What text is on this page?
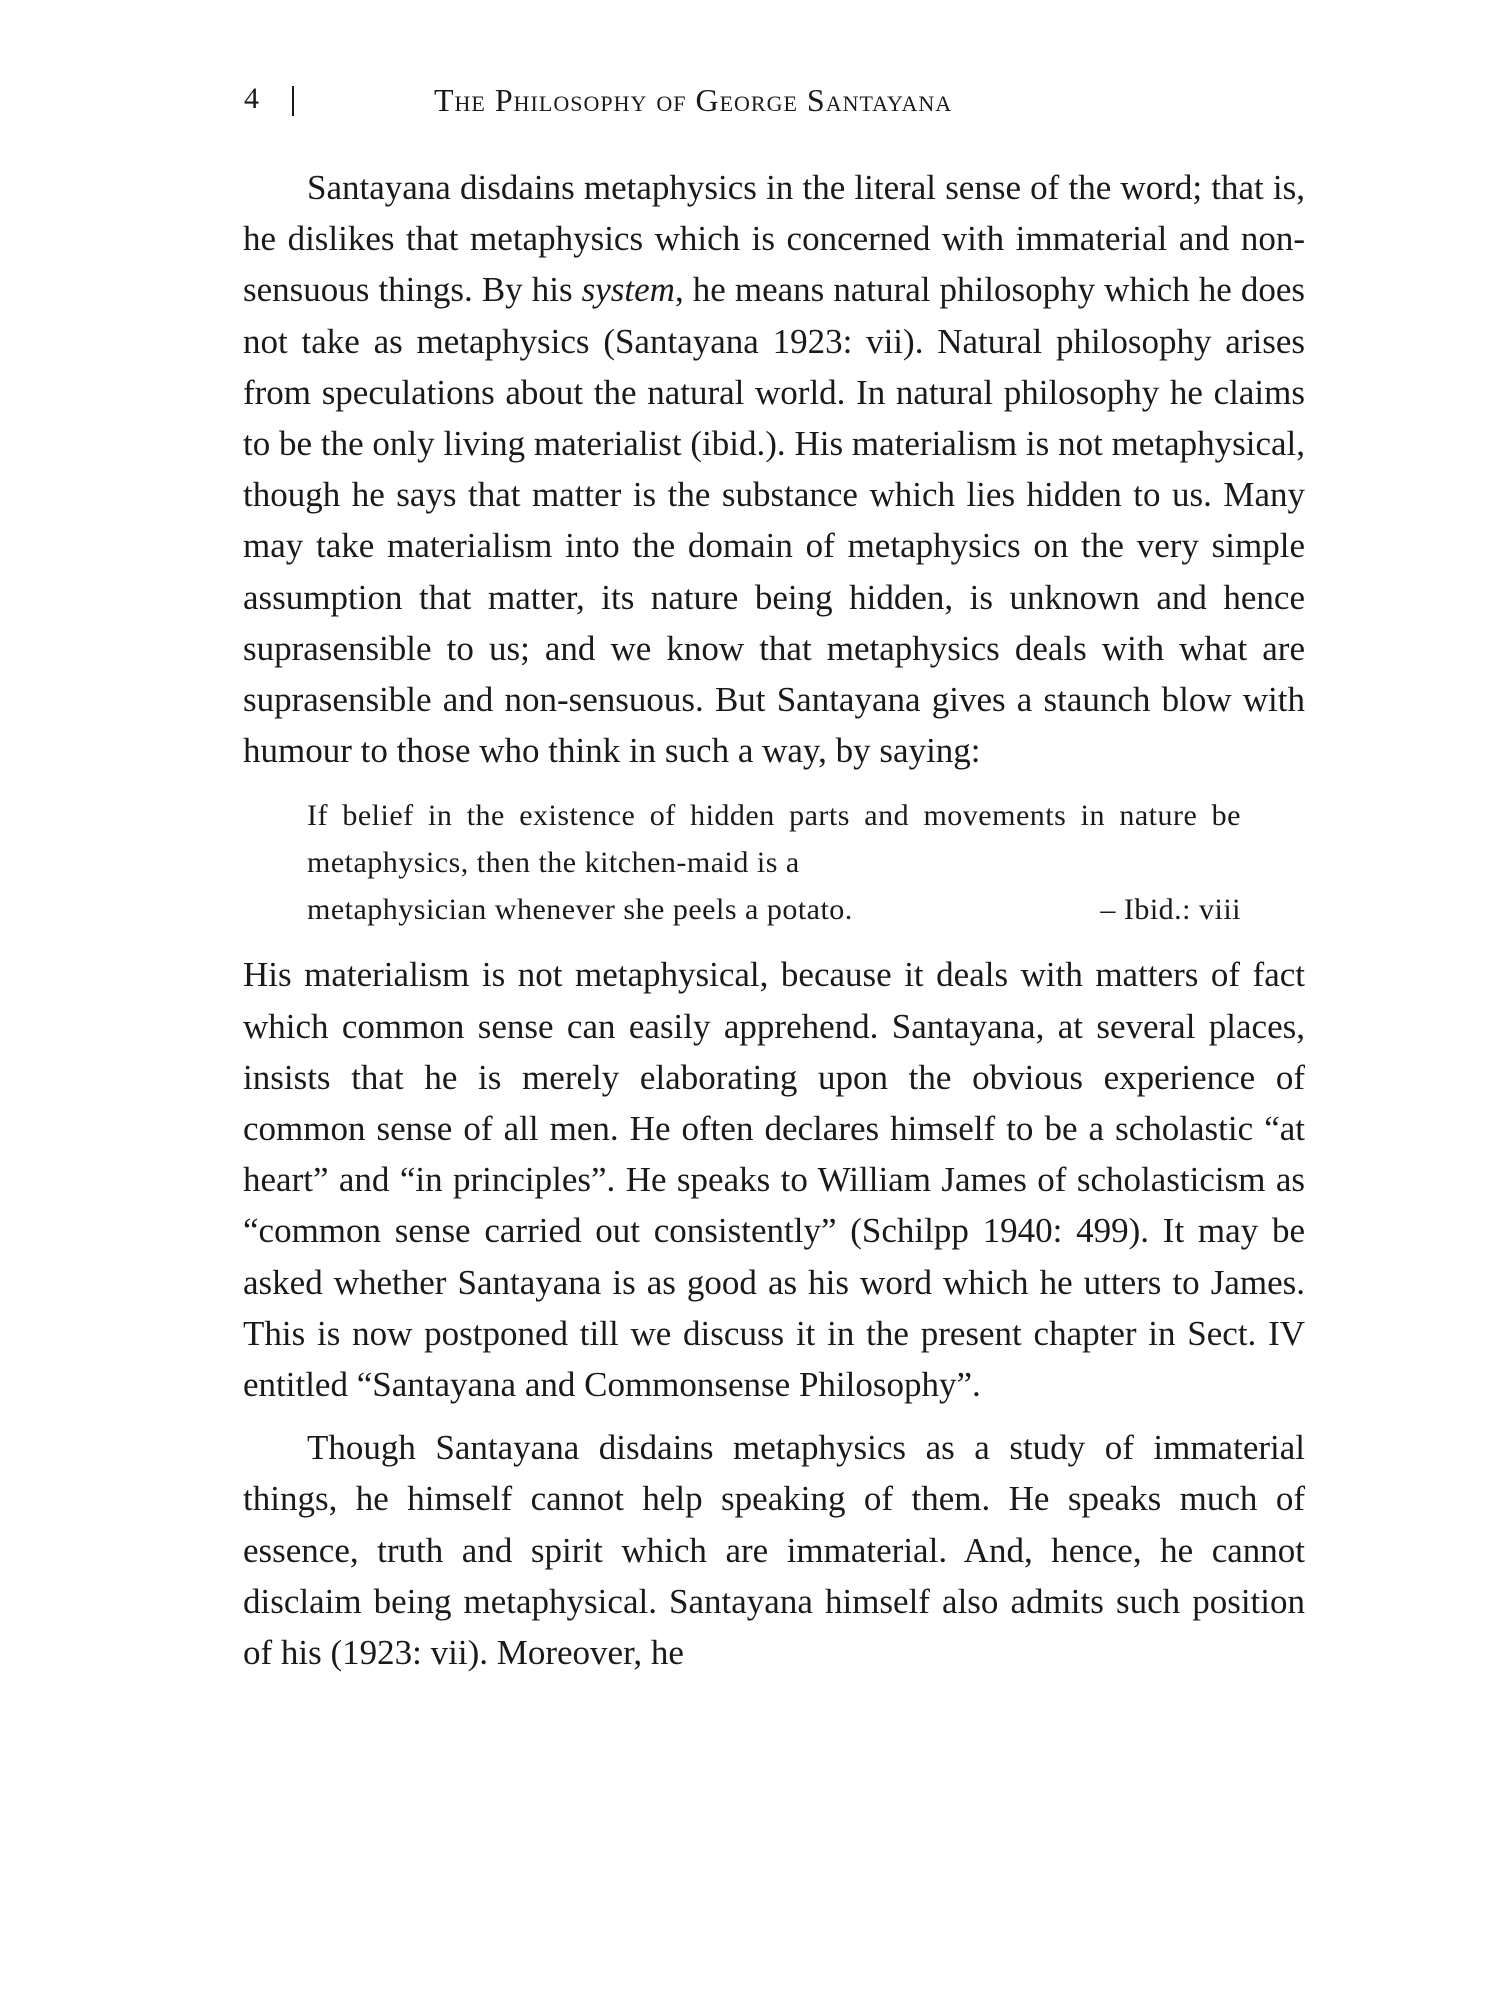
4	The Philosophy of George Santayana

Santayana disdains metaphysics in the literal sense of the word; that is, he dislikes that metaphysics which is concerned with immaterial and non-sensuous things. By his system, he means natural philosophy which he does not take as metaphysics (Santayana 1923: vii). Natural philosophy arises from speculations about the natural world. In natural philosophy he claims to be the only living materialist (ibid.). His materialism is not metaphysical, though he says that matter is the substance which lies hidden to us. Many may take materialism into the domain of metaphysics on the very simple assumption that matter, its nature being hidden, is unknown and hence suprasensible to us; and we know that metaphysics deals with what are suprasensible and non-sensuous. But Santayana gives a staunch blow with humour to those who think in such a way, by saying:

If belief in the existence of hidden parts and movements in nature be metaphysics, then the kitchen-maid is a
metaphysician whenever she peels a potato.	– Ibid.: viii

His materialism is not metaphysical, because it deals with matters of fact which common sense can easily apprehend. Santayana, at several places, insists that he is merely elaborating upon the obvious experience of common sense of all men. He often declares himself to be a scholastic “at heart” and “in principles”. He speaks to William James of scholasticism as “common sense carried out consistently” (Schilpp 1940: 499). It may be asked whether Santayana is as good as his word which he utters to James. This is now postponed till we discuss it in the present chapter in Sect. IV entitled “Santayana and Commonsense Philosophy”.

Though Santayana disdains metaphysics as a study of immaterial things, he himself cannot help speaking of them. He speaks much of essence, truth and spirit which are immaterial. And, hence, he cannot disclaim being metaphysical. Santayana himself also admits such position of his (1923: vii). Moreover, he
